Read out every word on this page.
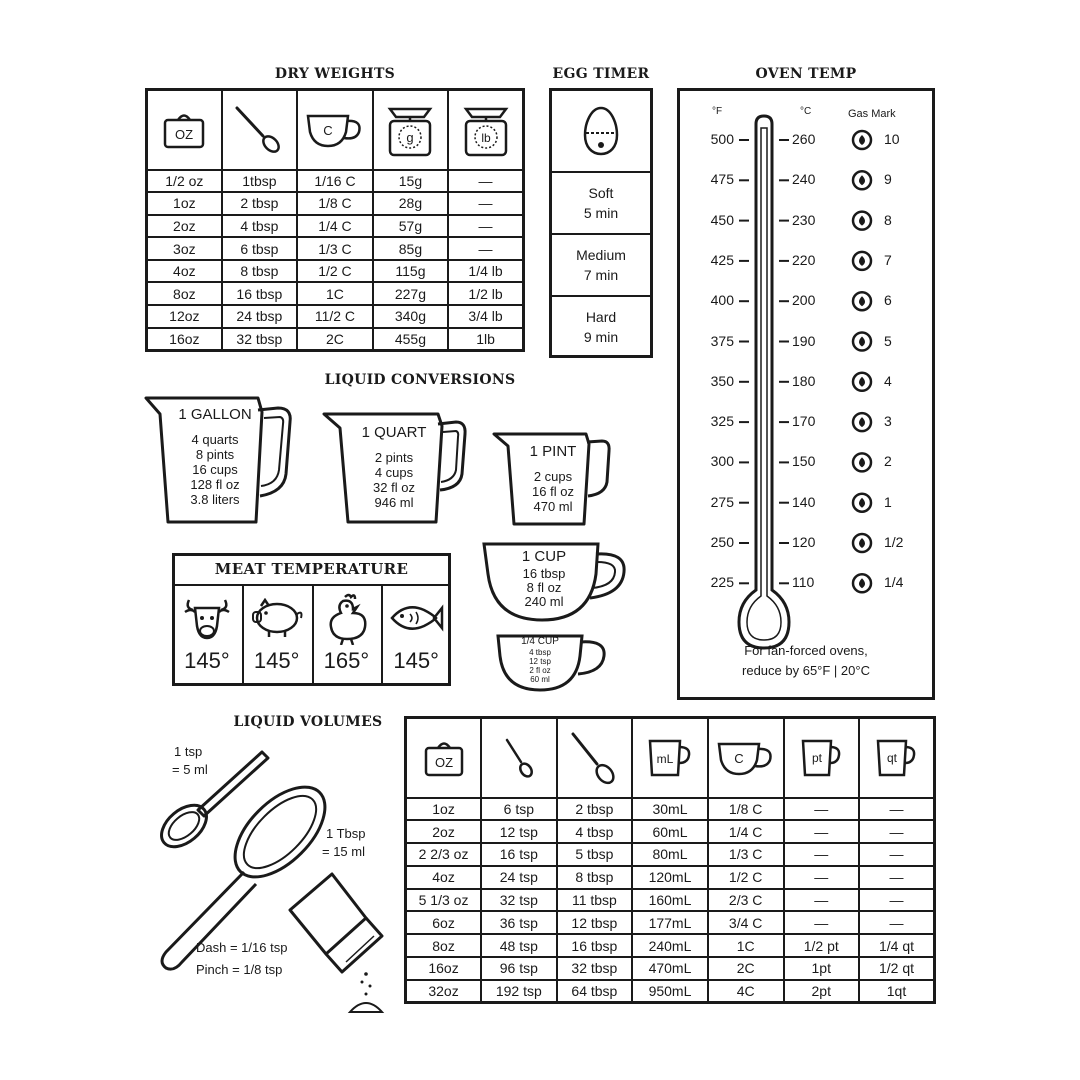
DRY WEIGHTS
OZ		C	g	lb

1/2 oz	1tbsp	1/16 C	15g	—
1oz	2 tbsp	1/8 C	28g	—
2oz	4 tbsp	1/4 C	57g	—
3oz	6 tbsp	1/3 C	85g	—
4oz	8 tbsp	1/2 C	115g	1/4 lb
8oz	16 tbsp	1C	227g	1/2 lb
12oz	24 tbsp	11/2 C	340g	3/4 lb
16oz	32 tbsp	2C	455g	1lb
EGG TIMER
Soft
5 min
Medium
7 min
Hard
9 min
OVEN TEMP
°F	°C	Gas Mark
500	260	10
475	240	9
450	230	8
425	220	7
400	200	6
375	190	5
350	180	4
325	170	3
300	150	2
275	140	1
250	120	1/2
225	110	1/4
For fan-forced ovens,
reduce by 65°F | 20°C
LIQUID CONVERSIONS
1 GALLON
4 quarts
8 pints
16 cups
128 fl oz
3.8 liters
1 QUART
2 pints
4 cups
32 fl oz
946 ml
1 PINT
2 cups
16 fl oz
470 ml
1 CUP
16 tbsp
8 fl oz
240 ml
1/4 CUP
4 tbsp
12 tsp
2 fl oz
60 ml
MEAT TEMPERATURE
145°	145°	165°	145°
LIQUID VOLUMES
1 tsp
= 5 ml
1 Tbsp
= 15 ml
Dash = 1/16 tsp
Pinch = 1/8 tsp
OZ			mL	C	pt	qt

1oz	6 tsp	2 tbsp	30mL	1/8 C	—	—
2oz	12 tsp	4 tbsp	60mL	1/4 C	—	—
2 2/3 oz	16 tsp	5 tbsp	80mL	1/3 C	—	—
4oz	24 tsp	8 tbsp	120mL	1/2 C	—	—
5 1/3 oz	32 tsp	11 tbsp	160mL	2/3 C	—	—
6oz	36 tsp	12 tbsp	177mL	3/4 C	—	—
8oz	48 tsp	16 tbsp	240mL	1C	1/2 pt	1/4 qt
16oz	96 tsp	32 tbsp	470mL	2C	1pt	1/2 qt
32oz	192 tsp	64 tbsp	950mL	4C	2pt	1qt
